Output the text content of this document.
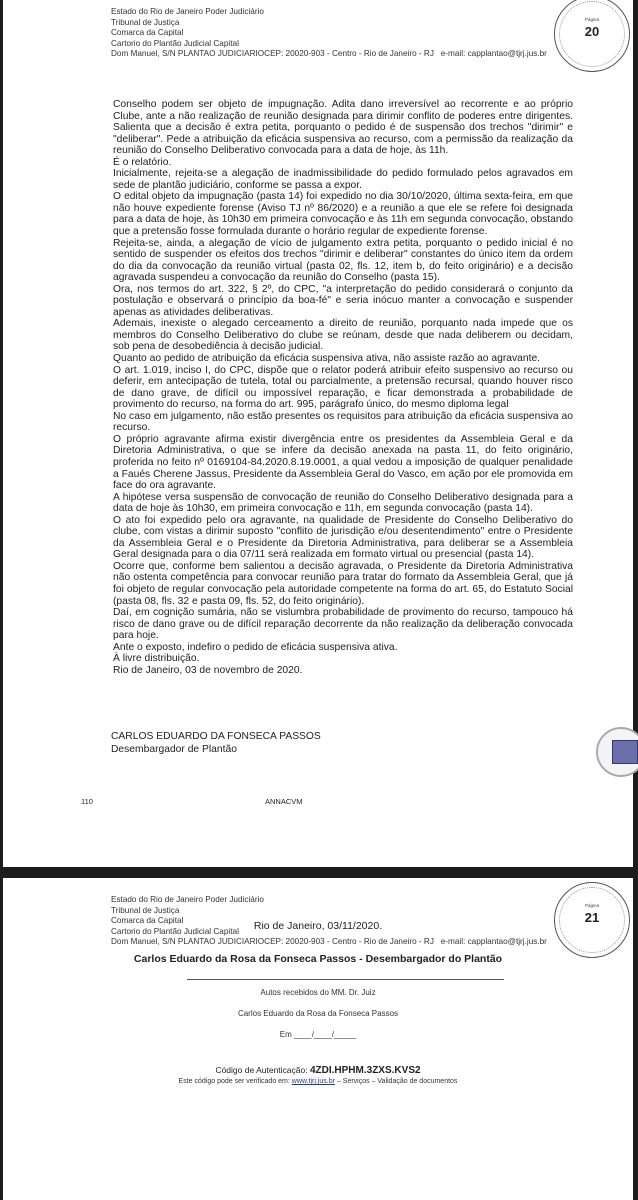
Estado do Rio de Janeiro Poder Judiciário
Tribunal de Justiça
Comarca da Capital
Cartorio do Plantão Judicial Capital
Dom Manuel, S/N PLANTAO JUDICIARIOCEP: 20020-903 - Centro - Rio de Janeiro - RJ e-mail: capplantao@tjrj.jus.br
Página
20

Conselho podem ser objeto de impugnação. Adita dano irreversível ao recorrente e ao próprio Clube, ante a não realização de reunião designada para dirimir conflito de poderes entre dirigentes. Salienta que a decisão é extra petita, porquanto o pedido é de suspensão dos trechos "dirimir" e "deliberar". Pede a atribuição da eficácia suspensiva ao recurso, com a permissão da realização da reunião do Conselho Deliberativo convocada para a data de hoje, às 11h.

É o relatório.

Inicialmente, rejeita-se a alegação de inadmissibilidade do pedido formulado pelos agravados em sede de plantão judiciário, conforme se passa a expor.

O edital objeto da impugnação (pasta 14) foi expedido no dia 30/10/2020, última sexta-feira, em que não houve expediente forense (Aviso TJ nº 86/2020) e a reunião a que ele se refere foi designada para a data de hoje, às 10h30 em primeira convocação e às 11h em segunda convocação, obstando que a pretensão fosse formulada durante o horário regular de expediente forense.

Rejeita-se, ainda, a alegação de vício de julgamento extra petita, porquanto o pedido inicial é no sentido de suspender os efeitos dos trechos "dirimir e deliberar" constantes do único item da ordem do dia da convocação da reunião virtual (pasta 02, fls. 12, item b, do feito originário) e a decisão agravada suspendeu a convocação da reunião do Conselho (pasta 15).

Ora, nos termos do art. 322, § 2º, do CPC, "a interpretação do pedido considerará o conjunto da postulação e observará o princípio da boa-fé" e seria inócuo manter a convocação e suspender apenas as atividades deliberativas.

Ademais, inexiste o alegado cerceamento a direito de reunião, porquanto nada impede que os membros do Conselho Deliberativo do clube se reúnam, desde que nada deliberem ou decidam, sob pena de desobediência à decisão judicial.

Quanto ao pedido de atribuição da eficácia suspensiva ativa, não assiste razão ao agravante.

O art. 1.019, inciso I, do CPC, dispõe que o relator poderá atribuir efeito suspensivo ao recurso ou deferir, em antecipação de tutela, total ou parcialmente, a pretensão recursal, quando houver risco de dano grave, de difícil ou impossível reparação, e ficar demonstrada a probabilidade de provimento do recurso, na forma do art. 995, parágrafo único, do mesmo diploma legal

No caso em julgamento, não estão presentes os requisitos para atribuição da eficácia suspensiva ao recurso.

O próprio agravante afirma existir divergência entre os presidentes da Assembleia Geral e da Diretoria Administrativa, o que se infere da decisão anexada na pasta 11, do feito originário, proferida no feito nº 0169104-84.2020.8.19.0001, a qual vedou a imposição de qualquer penalidade a Faués Cherene Jassus, Presidente da Assembleia Geral do Vasco, em ação por ele promovida em face do ora agravante.

A hipótese versa suspensão de convocação de reunião do Conselho Deliberativo designada para a data de hoje às 10h30, em primeira convocação e 11h, em segunda convocação (pasta 14).

O ato foi expedido pelo ora agravante, na qualidade de Presidente do Conselho Deliberativo do clube, com vistas a dirimir suposto "conflito de jurisdição e/ou desentendimento" entre o Presidente da Assembleia Geral e o Presidente da Diretoria Administrativa, para deliberar se a Assembleia Geral designada para o dia 07/11 será realizada em formato virtual ou presencial (pasta 14).

Ocorre que, conforme bem salientou a decisão agravada, o Presidente da Diretoria Administrativa não ostenta competência para convocar reunião para tratar do formato da Assembleia Geral, que já foi objeto de regular convocação pela autoridade competente na forma do art. 65, do Estatuto Social (pasta 08, fls. 32 e pasta 09, fls. 52, do feito originário).

Daí, em cognição sumária, não se vislumbra probabilidade de provimento do recurso, tampouco há risco de dano grave ou de difícil reparação decorrente da não realização da deliberação convocada para hoje.

Ante o exposto, indefiro o pedido de eficácia suspensiva ativa.

À livre distribuição.

Rio de Janeiro, 03 de novembro de 2020.

CARLOS EDUARDO DA FONSECA PASSOS
Desembargador de Plantão
110	ANNACVM
Estado do Rio de Janeiro Poder Judiciário
Tribunal de Justiça
Comarca da Capital
Cartorio do Plantão Judicial Capital
Dom Manuel, S/N PLANTAO JUDICIARIOCEP: 20020-903 - Centro - Rio de Janeiro - RJ e-mail: capplantao@tjrj.jus.br
Página
21
Rio de Janeiro, 03/11/2020.
Carlos Eduardo da Rosa da Fonseca Passos - Desembargador do Plantão
Autos recebidos do MM. Dr. Juiz
Carlos Eduardo da Rosa da Fonseca Passos
Em ____/____/_____
Código de Autenticação: 4ZDI.HPHM.3ZXS.KVS2
Este código pode ser verificado em: www.tjrj.jus.br – Serviços – Validação de documentos
